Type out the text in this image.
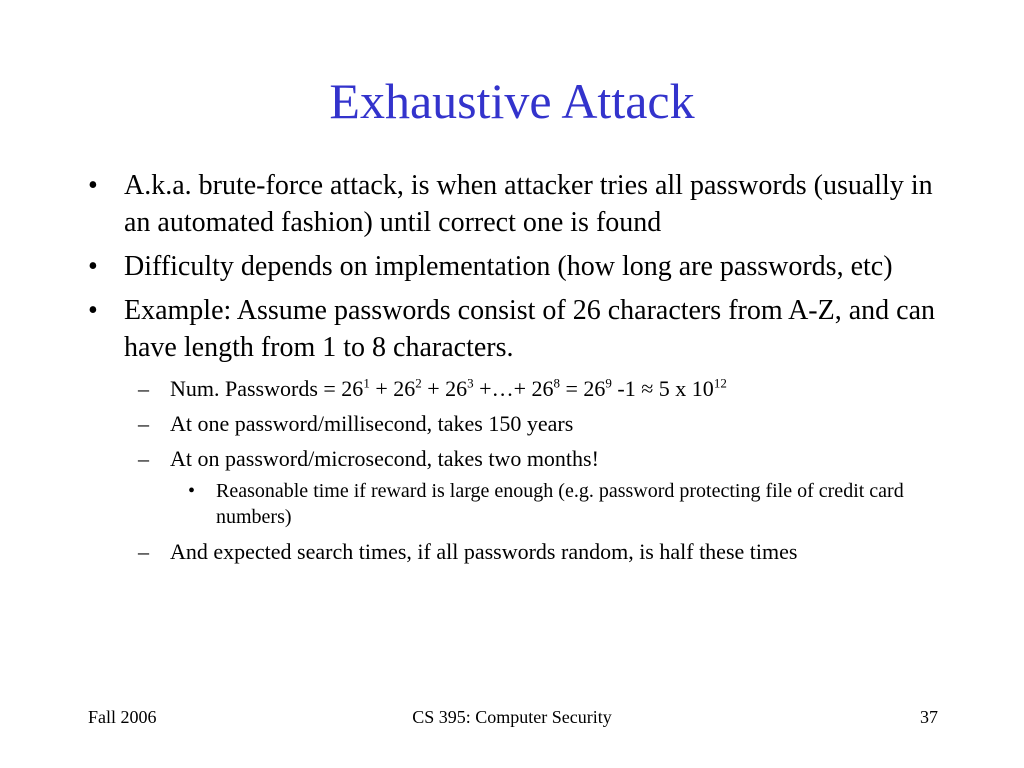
Exhaustive Attack
• A.k.a. brute-force attack, is when attacker tries all passwords (usually in an automated fashion) until correct one is found
• Difficulty depends on implementation (how long are passwords, etc)
• Example: Assume passwords consist of 26 characters from A-Z, and can have length from 1 to 8 characters.
– Num. Passwords = $26^1 + 26^2 + 26^3$ +…+ $26^8 = 26^9$ -1 ≈ 5 x $10^{12}$
– At one password/millisecond, takes 150 years
– At on password/microsecond, takes two months!
• Reasonable time if reward is large enough (e.g. password protecting file of credit card numbers)
– And expected search times, if all passwords random, is half these times
Fall 2006	CS 395: Computer Security	37
